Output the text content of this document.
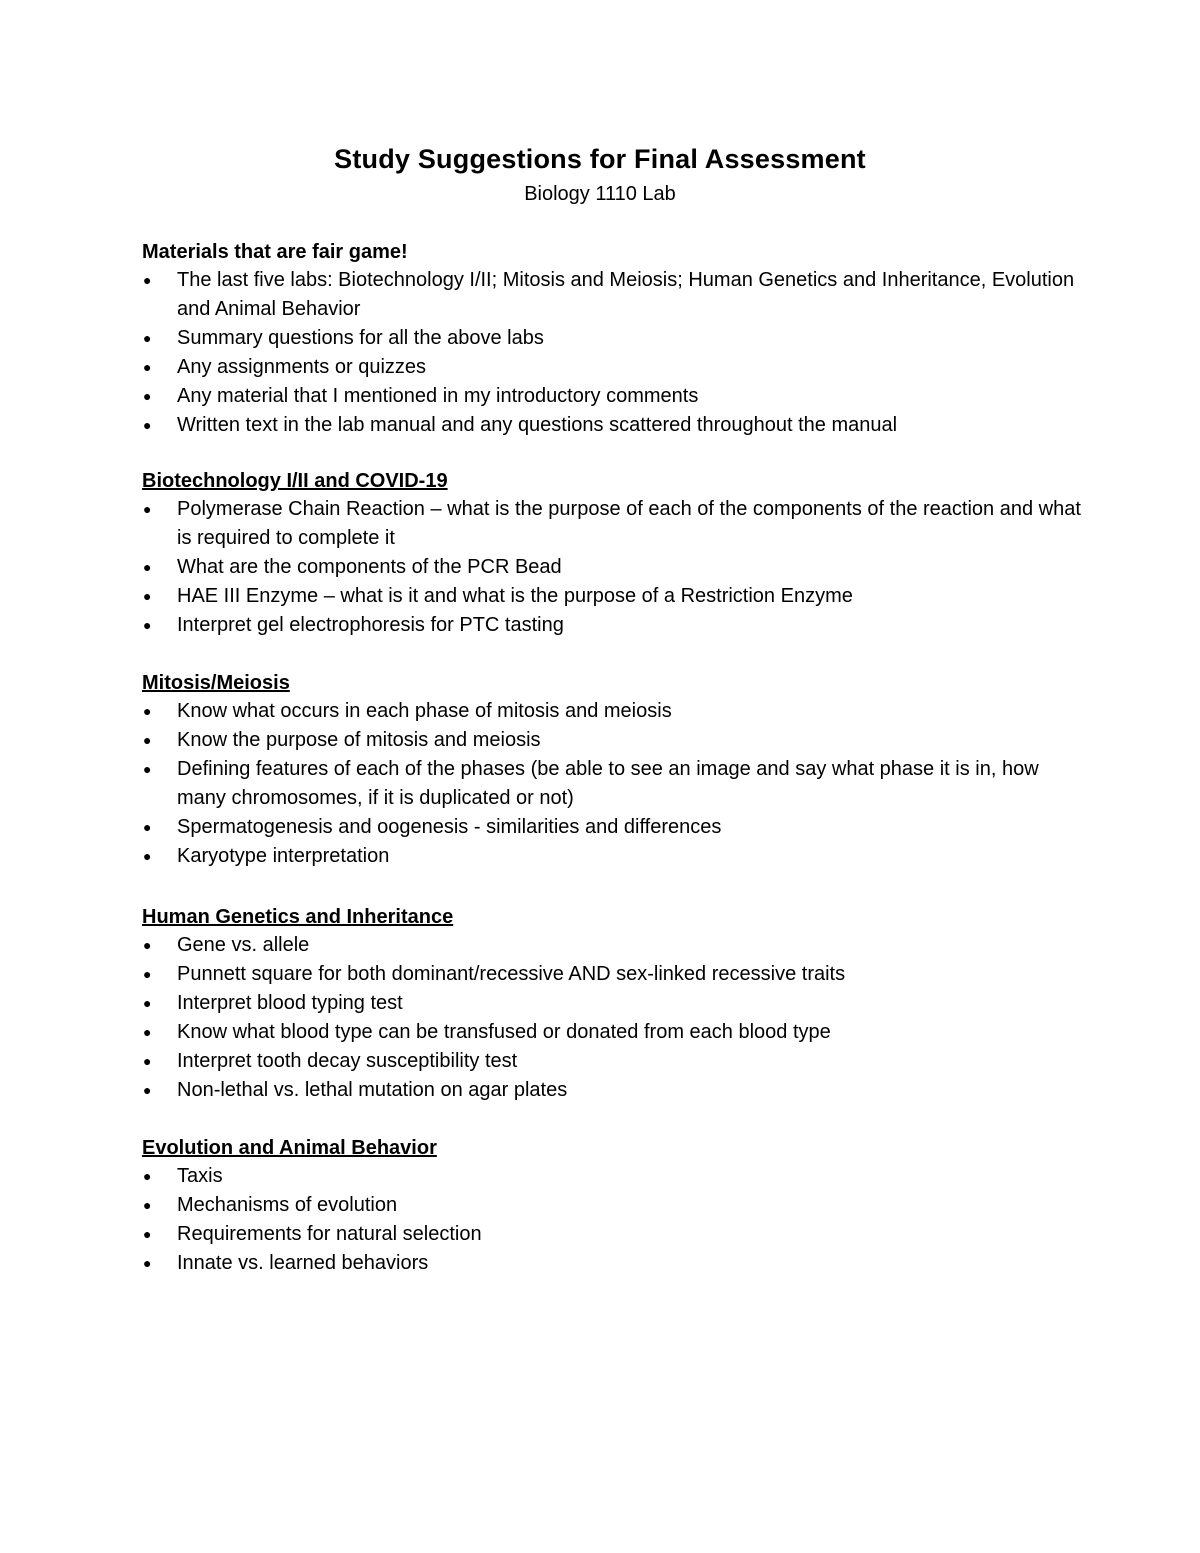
Study Suggestions for Final Assessment
Biology 1110 Lab
Materials that are fair game!
● The last five labs: Biotechnology I/II; Mitosis and Meiosis; Human Genetics and Inheritance, Evolution and Animal Behavior
● Summary questions for all the above labs
● Any assignments or quizzes
● Any material that I mentioned in my introductory comments
● Written text in the lab manual and any questions scattered throughout the manual
Biotechnology I/II and COVID-19
● Polymerase Chain Reaction – what is the purpose of each of the components of the reaction and what is required to complete it
● What are the components of the PCR Bead
● HAE III Enzyme – what is it and what is the purpose of a Restriction Enzyme
● Interpret gel electrophoresis for PTC tasting
Mitosis/Meiosis
● Know what occurs in each phase of mitosis and meiosis
● Know the purpose of mitosis and meiosis
● Defining features of each of the phases (be able to see an image and say what phase it is in, how many chromosomes, if it is duplicated or not)
● Spermatogenesis and oogenesis - similarities and differences
● Karyotype interpretation
Human Genetics and Inheritance
● Gene vs. allele
● Punnett square for both dominant/recessive AND sex-linked recessive traits
● Interpret blood typing test
● Know what blood type can be transfused or donated from each blood type
● Interpret tooth decay susceptibility test
● Non-lethal vs. lethal mutation on agar plates
Evolution and Animal Behavior
● Taxis
● Mechanisms of evolution
● Requirements for natural selection
● Innate vs. learned behaviors
